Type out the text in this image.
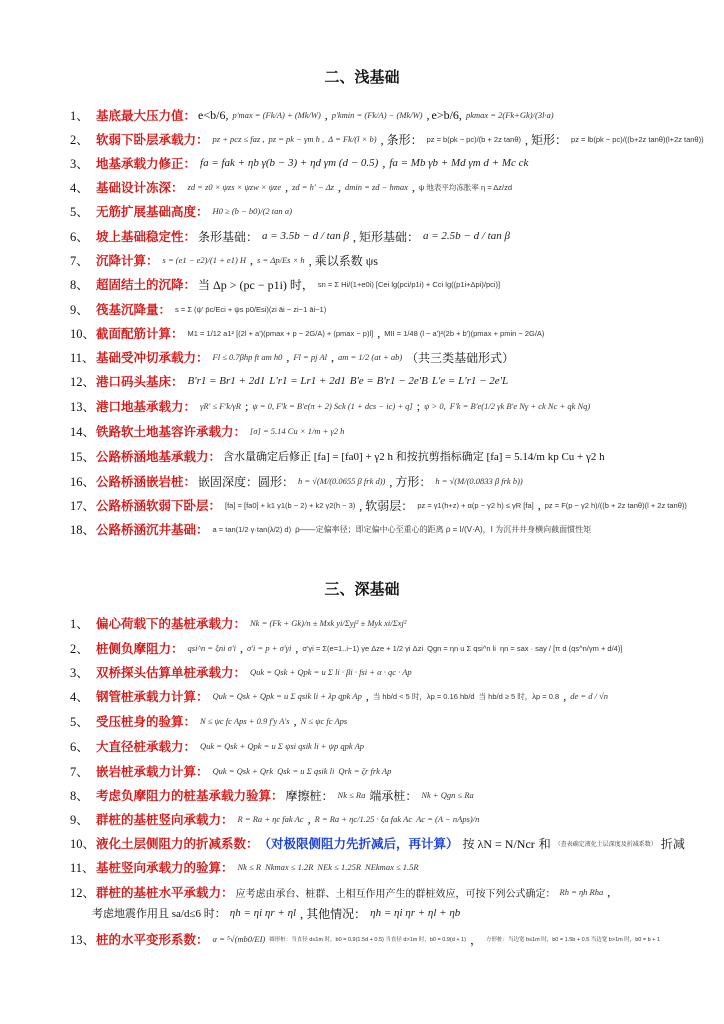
二、浅基础
三、深基础
1、 基底最大压力值： e<b/6, p'max = (Fk/A) + (Mk/W) , p'kmin = (Fk/A) − (Mk/W) , e>b/6, pkmax = 2(Fk+Gk)/(3l·a)
2、 软弱下卧层承载力： pz + pcz ≤ faz , pz = pk − γm h , Δ = Fk/(l × b) , 条形： pz = b(pk − pc)/(b + 2z tanθ) , 矩形： pz = lb(pk − pc)/((b+2z tanθ)(l+2z tanθ))
3、 地基承载力修正： fa = fak + ηb γ(b − 3) + ηd γm (d − 0.5) , fa = Mb γb + Md γm d + Mc ck
4、 基础设计冻深： zd = z0 × ψzs × ψzw × ψze , zd = h' − Δz , dmin = zd − hmax , ψ 地表平均冻胀率 η = Δz/zd
5、 无筋扩展基础高度： H0 ≥ (b − b0)/(2 tan α)
6、 坡上基础稳定性： 条形基础： a = 3.5b − d / tan β , 矩形基础： a = 2.5b − d / tan β
7、 沉降计算： s = (e1 − e2)/(1 + e1) H , s = Δp/Es × h , 乘以系数 ψs
8、 超固结土的沉降： 当 Δp > (pc − p1i) 时， sn = Σ Hi/(1+e0i) [Cei lg(pci/p1i) + Cci lg((p1i+Δpi)/pci)]
9、 筏基沉降量： s = Σ (ψ' p̄c/Eci + ψs p0/Esi)(zi āi − zi−1 āi−1)
10、 截面配筋计算： M1 = 1/12 a1² [(2l + a')(pmax + p − 2G/A) + (pmax − p)l] , MII = 1/48 (l − a')²(2b + b')(pmax + pmin − 2G/A)
11、 基础受冲切承载力： Fl ≤ 0.7βhp ft am h0 , Fl = pj Al , am = 1/2 (at + ab) （共三类基础形式）
12、 港口码头基床： B'r1 = Br1 + 2d1 L'r1 = Lr1 + 2d1 B'e = B'r1 − 2e'B L'e = L'r1 − 2e'L
13、 港口地基承载力： γR' ≤ F'k/γR ; ψ = 0, F'k = B'e(π + 2) Sck (1 + dcs − ic) + q] ; ψ > 0, F'k = B'e(1/2 γk B'e Nγ + ck Nc + qk Nq)
14、 铁路软土地基容许承载力： [σ] = 5.14 Cu × 1/m + γ2 h
15、 公路桥涵地基承载力： 含水量确定后修正 [fa] = [fa0] + γ2 h 和按抗剪指标确定 [fa] = 5.14/m kp Cu + γ2 h
16、 公路桥涵嵌岩桩： 嵌固深度：圆形： h = √(M/(0.0655 β frk d)) , 方形： h = √(M/(0.0833 β frk b))
17、 公路桥涵软弱下卧层： [fa] = [fa0] + k1 γ1(b − 2) + k2 γ2(h − 3) , 软弱层： pz = γ1(h+z) + α(p − γ2 h) ≤ γR [fa] , pz = F(p − γ2 h)/((b + 2z tanθ)(l + 2z tanθ))
18、 公路桥涵沉井基础： a = tan(1/2 γ·tan(λ/2) d) ρ——定偏率径；即定偏中心至重心的距离 ρ = I/(V·A)，I 为沉井井身横向截面惯性矩
1、 偏心荷载下的基桩承载力： Nk = (Fk + Gk)/n ± Mxk yi/Σyj² ± Myk xi/Σxj²
2、 桩侧负摩阻力： qsi^n = ξni σ'i , σ'i = p + σ'γi , σ'γi = Σ(e=1..i−1) γe Δze + 1/2 γi Δzi Qgn = ηn u Σ qsi^n li ηn = sax · say / [π d (qs^n/γm + d/4)]
3、 双桥探头估算单桩承载力： Quk = Qsk + Qpk = u Σ li · βi · fsi + α · qc · Ap
4、 钢管桩承载力计算： Quk = Qsk + Qpk = u Σ qsik li + λp qpk Ap , 当 hb/d < 5 时，λp = 0.16 hb/d 当 hb/d ≥ 5 时，λp = 0.8 , de = d / √n
5、 受压桩身的验算： N ≤ ψc fc Aps + 0.9 f'y A's , N ≤ ψc fc Aps
6、 大直径桩承载力： Quk = Qsk + Qpk = u Σ ψsi qsik li + ψp qpk Ap
7、 嵌岩桩承载力计算： Quk = Qsk + Qrk Qsk = u Σ qsik li Qrk = ζr frk Ap
8、 考虑负摩阻力的桩基承载力验算： 摩擦桩： Nk ≤ Ra 端承桩： Nk + Qgn ≤ Ra
9、 群桩的基桩竖向承载力： R = Ra + ηc fak Ac , R = Ra + ηc/1.25 · ξa fak Ac Ac = (A − nAps)/n
10、 液化土层侧阻力的折减系数： （对极限侧阻力先折减后，再计算） 按 λN = N/Ncr 和 （查表确定液化土层深度及折减系数） 折减
11、 基桩竖向承载力的验算： Nk ≤ R Nkmax ≤ 1.2R NEk ≤ 1.25R NEkmax ≤ 1.5R
12、 群桩的基桩水平承载力： 应考虑由承台、桩群、土相互作用产生的群桩效应，可按下列公式确定： Rh = ηh Rha ,
考虑地震作用且 sa/d≤6 时： ηh = ηi ηr + ηl , 其他情况： ηh = ηi ηr + ηl + ηb
13、 桩的水平变形系数： α = ⁵√(mb0/EI) 圆形桩：当直径 d≤1m 时，b0 = 0.9(1.5d + 0.5) 当直径 d>1m 时，b0 = 0.9(d + 1) ， 方形桩：当边宽 b≤1m 时，b0 = 1.5b + 0.5 当边宽 b>1m 时，b0 = b + 1
